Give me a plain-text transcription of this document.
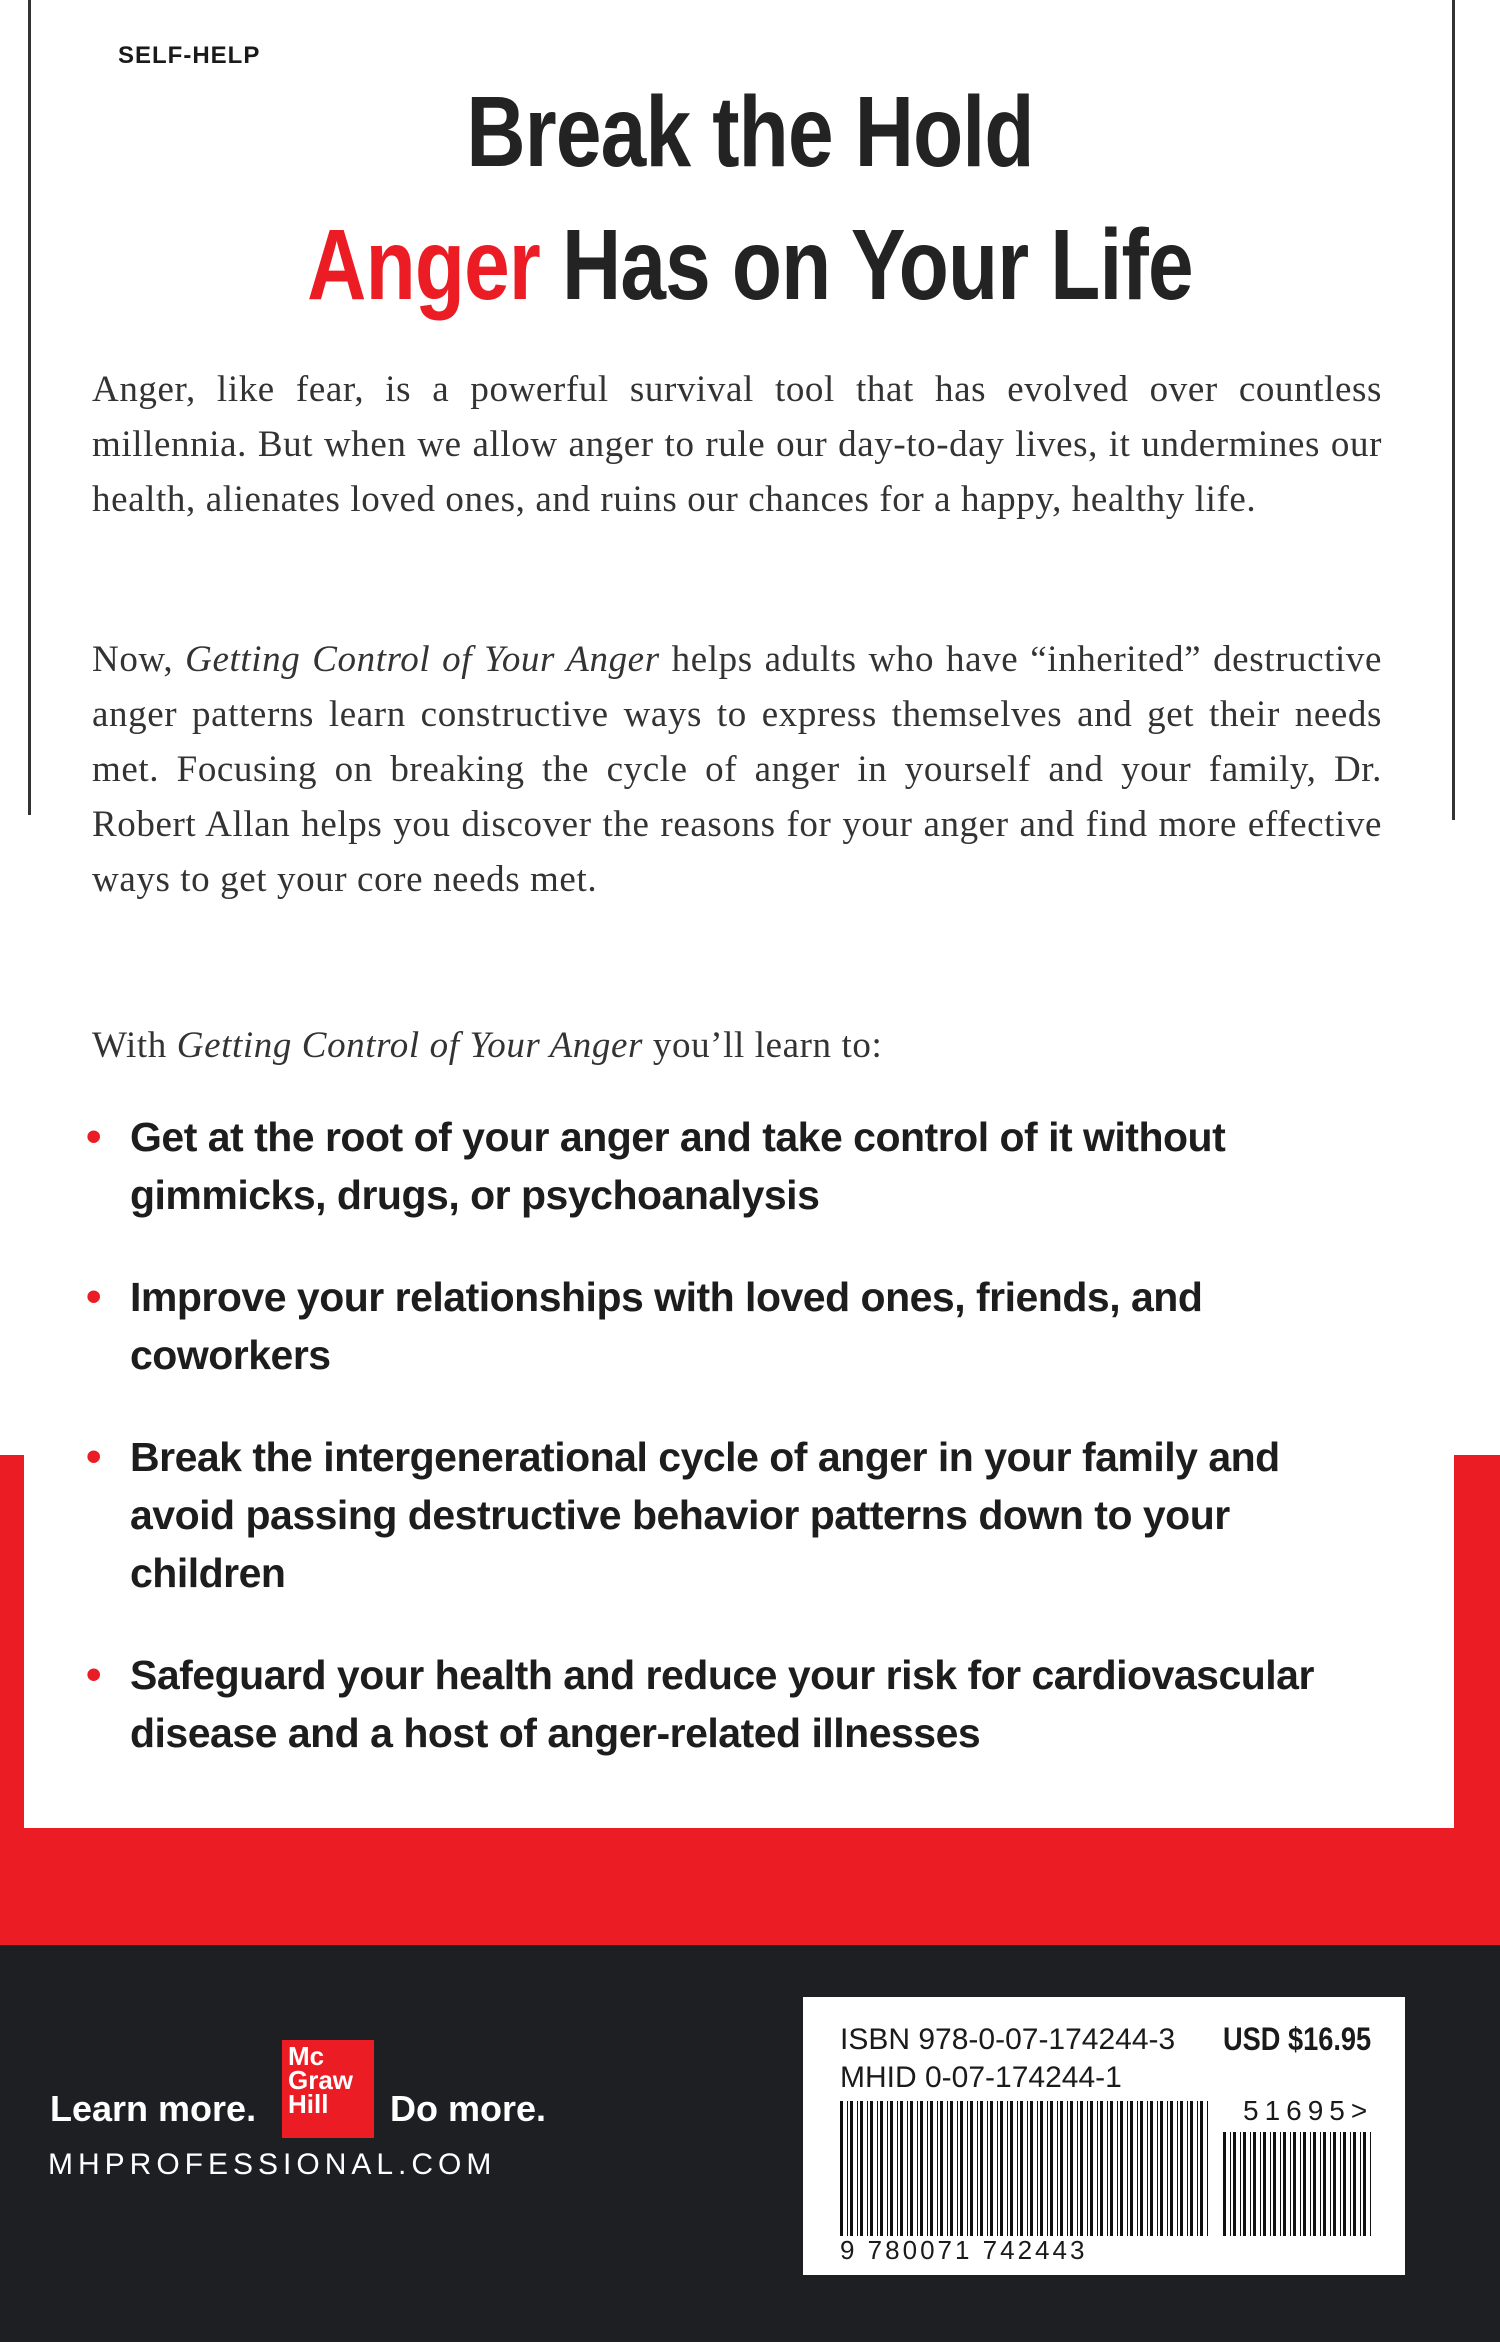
SELF-HELP
Break the Hold
Anger Has on Your Life
Anger, like fear, is a powerful survival tool that has evolved over countless millennia. But when we allow anger to rule our day-to-day lives, it undermines our health, alienates loved ones, and ruins our chances for a happy, healthy life.
Now, Getting Control of Your Anger helps adults who have “inherited” destructive anger patterns learn constructive ways to express themselves and get their needs met. Focusing on breaking the cycle of anger in yourself and your family, Dr. Robert Allan helps you discover the reasons for your anger and find more effective ways to get your core needs met.
With Getting Control of Your Anger you’ll learn to:
• Get at the root of your anger and take control of it without gimmicks, drugs, or psychoanalysis
• Improve your relationships with loved ones, friends, and coworkers
• Break the intergenerational cycle of anger in your family and avoid passing destructive behavior patterns down to your children
• Safeguard your health and reduce your risk for cardiovascular disease and a host of anger-related illnesses
Learn more.
Mc
Graw
Hill	Do more.
MHPROFESSIONAL.COM
ISBN 978-0-07-174244-3 USD $16.95
MHID 0-07-174244-1
51695>
9 780071 742443
